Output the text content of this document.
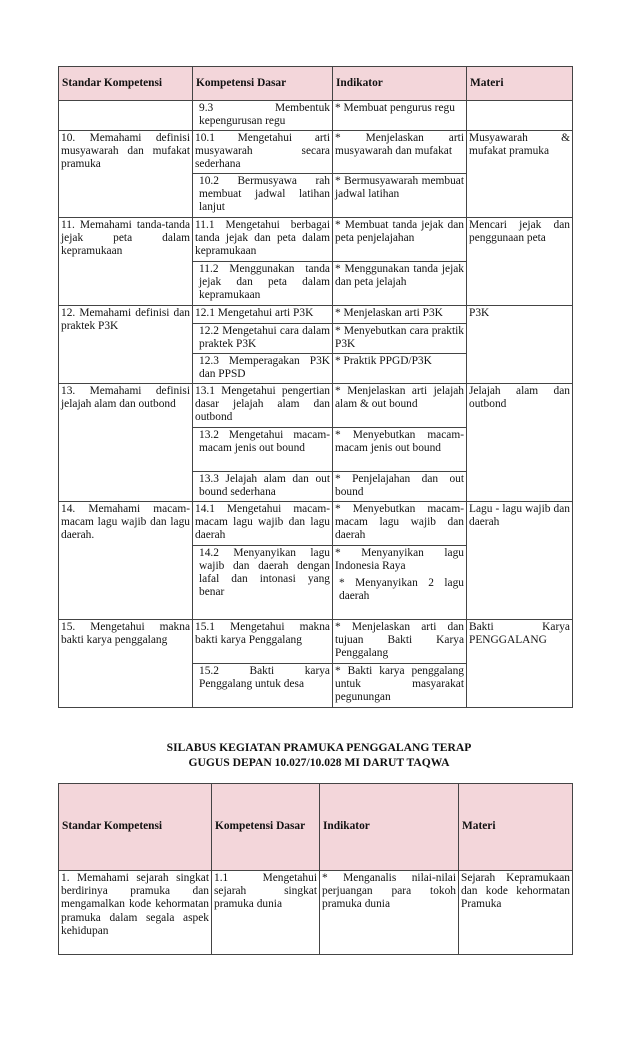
Standar Kompetensi	Kompetensi Dasar	Indikator	Materi
	9.3 Membentuk kepengurusan regu	* Membuat pengurus regu	
10. Memahami definisi musyawarah dan mufakat pramuka	10.1 Mengetahui arti musyawarah secara sederhana	* Menjelaskan arti musyawarah dan mufakat	Musyawarah & mufakat pramuka
	10.2 Bermusyawa rah membuat jadwal latihan lanjut	* Bermusyawarah membuat jadwal latihan	
11. Memahami tanda-tanda jejak peta dalam kepramukaan	11.1 Mengetahui berbagai tanda jejak dan peta dalam kepramukaan	* Membuat tanda jejak dan peta penjelajahan	Mencari jejak dan penggunaan peta
	11.2 Menggunakan tanda jejak dan peta dalam kepramukaan	* Menggunakan tanda jejak dan peta jelajah	
12. Memahami definisi dan praktek P3K	12.1 Mengetahui arti P3K	* Menjelaskan arti P3K	P3K
	12.2 Mengetahui cara dalam praktek P3K	* Menyebutkan cara praktik P3K	
	12.3 Memperagakan P3K dan PPSD	* Praktik PPGD/P3K	
13. Memahami definisi jelajah alam dan outbond	13.1 Mengetahui pengertian dasar jelajah alam dan outbond	* Menjelaskan arti jelajah alam & out bound	Jelajah alam dan outbond
	13.2 Mengetahui macam-macam jenis out bound	* Menyebutkan macam-macam jenis out bound	
	13.3 Jelajah alam dan out bound sederhana	* Penjelajahan dan out bound	
14. Memahami macam-macam lagu wajib dan lagu daerah.	14.1 Mengetahui macam-macam lagu wajib dan lagu daerah	* Menyebutkan macam-macam lagu wajib dan daerah	Lagu - lagu wajib dan daerah
	14.2 Menyanyikan lagu wajib dan daerah dengan lafal dan intonasi yang benar	* Menyanyikan lagu Indonesia Raya
* Menyanyikan 2 lagu daerah	

15. Mengetahui makna bakti karya penggalang	15.1 Mengetahui makna bakti karya Penggalang	* Menjelaskan arti dan tujuan Bakti Karya Penggalang	Bakti Karya PENGGALANG
	15.2 Bakti karya Penggalang untuk desa	* Bakti karya penggalang untuk masyarakat pegunungan	
SILABUS KEGIATAN PRAMUKA PENGGALANG TERAP
GUGUS DEPAN 10.027/10.028 MI DARUT TAQWA
Standar Kompetensi	Kompetensi Dasar	Indikator	Materi
1. Memahami sejarah singkat berdirinya pramuka dan mengamalkan kode kehormatan pramuka dalam segala aspek kehidupan	1.1 Mengetahui sejarah singkat pramuka dunia	* Menganalis nilai-nilai perjuangan para tokoh pramuka dunia	Sejarah Kepramukaan dan kode kehormatan Pramuka
